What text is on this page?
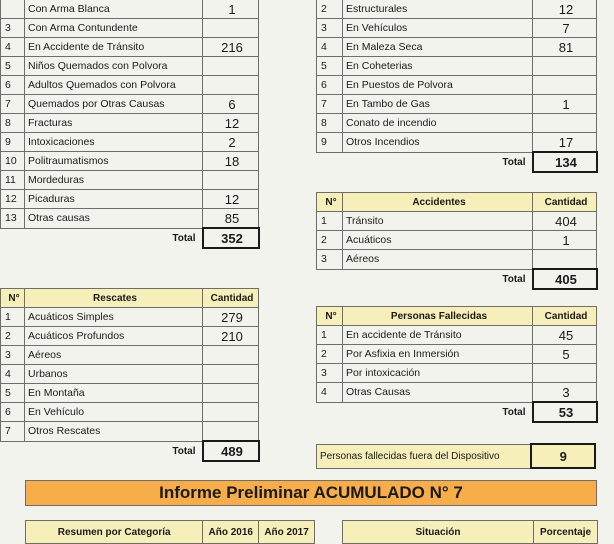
	Con Arma Blanca	1
3	Con Arma Contundente	
4	En Accidente de Tránsito	216
5	Niños Quemados con Polvora	
6	Adultos Quemados con Polvora	
7	Quemados por Otras Causas	6
8	Fracturas	12
9	Intoxicaciones	2
10	Politraumatismos	18
11	Mordeduras	
12	Picaduras	12
13	Otras causas	85
Total		352
2	Estructurales	12
3	En Vehículos	7
4	En Maleza Seca	81
5	En Coheterias	
6	En Puestos de Polvora	
7	En Tambo de Gas	1
8	Conato de incendio	
9	Otros Incendios	17
Total		134
N°	Accidentes	Cantidad
1	Tránsito	404
2	Acuáticos	1
3	Aéreos	
Total		405
N°	Rescates	Cantidad
1	Acuáticos Simples	279
2	Acuáticos Profundos	210
3	Aéreos	
4	Urbanos	
5	En Montaña	
6	En Vehículo	
7	Otros Rescates	
Total		489
N°	Personas Fallecidas	Cantidad
1	En accidente de Tránsito	45
2	Por Asfixia en Inmersión	5
3	Por intoxicación	
4	Otras Causas	3
Total		53
Personas fallecidas fuera del Dispositivo	9
Informe Preliminar ACUMULADO N° 7
Resumen por Categoría	Año 2016	Año 2017	Situación	Porcentaje
